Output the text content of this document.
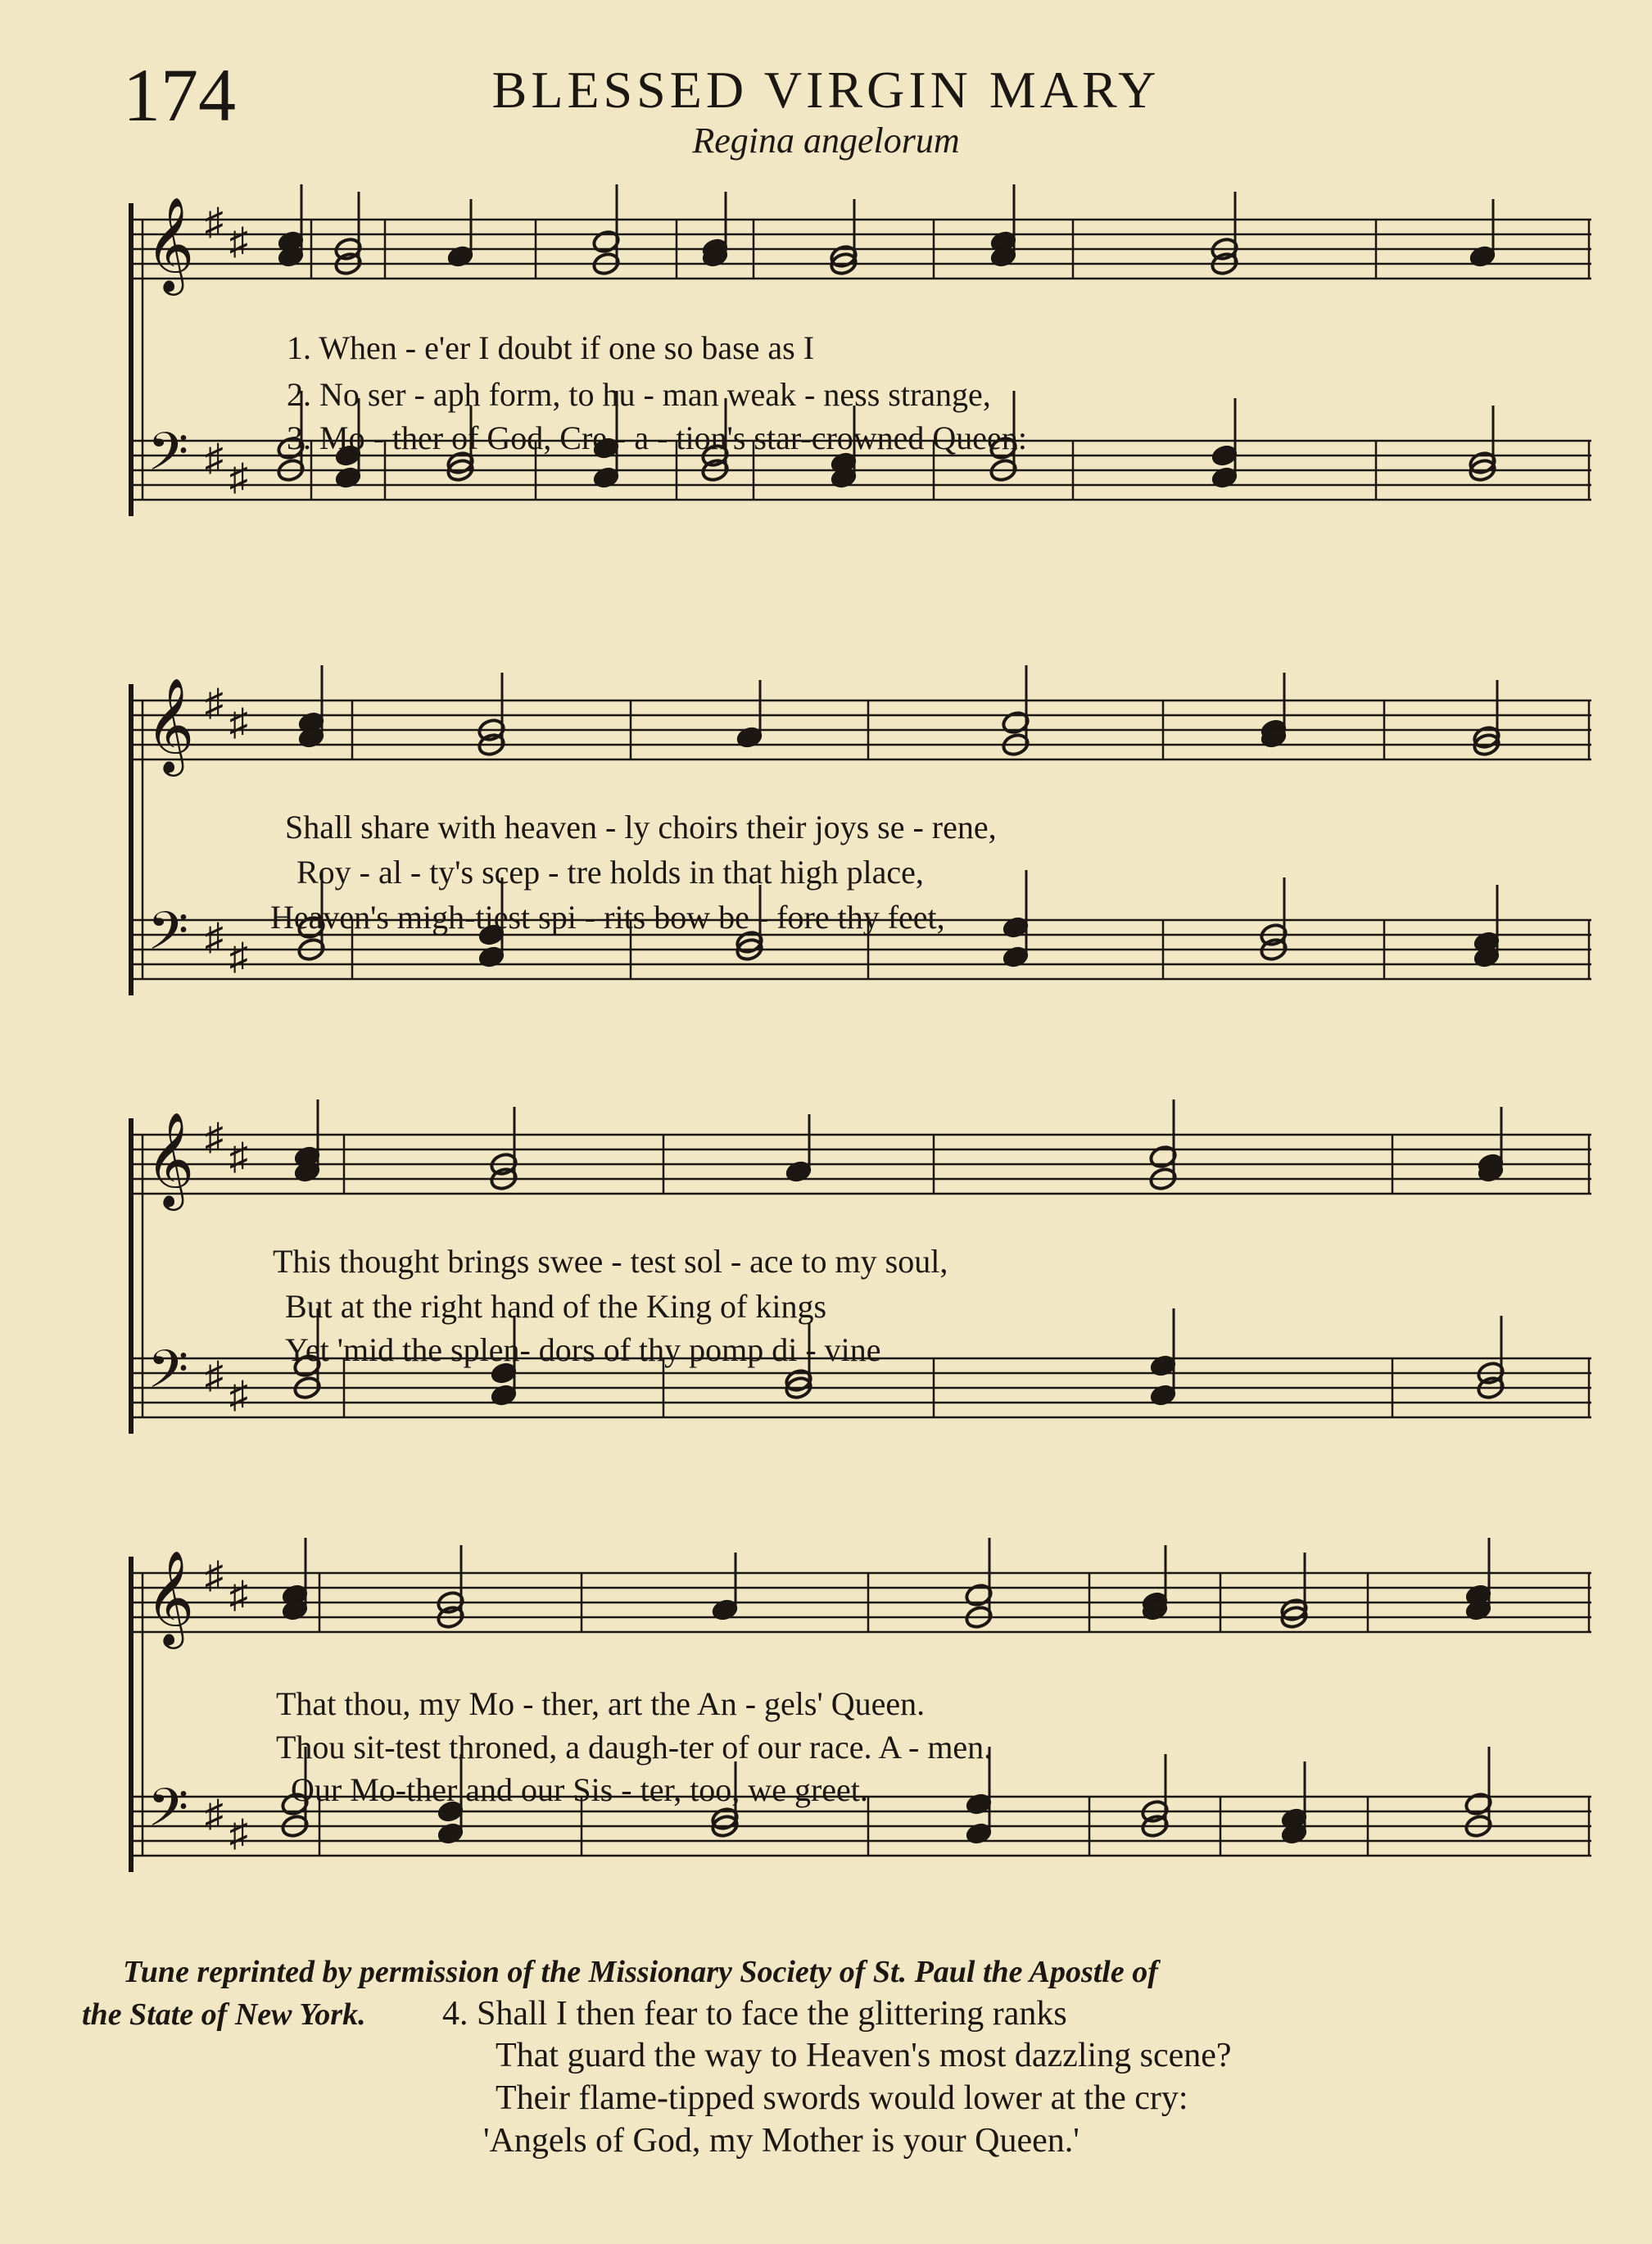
174	BLESSED VIRGIN MARY
Regina angelorum
𝄞
𝄢
♯
♯
♯
♯
𝄞
𝄢
♯
♯
♯
♯
𝄞
𝄢
♯
♯
♯
♯
𝄞
𝄢
♯
♯
♯
♯
1. When - e'er I doubt if one so base as I
2. No ser - aph form, to hu - man weak - ness strange,
3. Mo - ther of God, Cre - a - tion's star-crowned Queen:
Shall share with heaven - ly choirs their joys se - rene,
Roy - al - ty's scep - tre holds in that high place,
Heaven's migh-tiest spi - rits bow be - fore thy feet,
This thought brings swee - test sol - ace to my soul,
But at the right hand of the King of kings
Yet 'mid the splen- dors of thy pomp di - vine
That thou, my Mo - ther, art the An - gels' Queen.
Thou sit-test throned, a daugh-ter of our race. A - men.
Our Mo-ther and our Sis - ter, too, we greet.
Tune reprinted by permission of the Missionary Society of St. Paul the Apostle of
the State of New York. 4. Shall I then fear to face the glittering ranks
That guard the way to Heaven's most dazzling scene?
Their flame-tipped swords would lower at the cry:
'Angels of God, my Mother is your Queen.'
